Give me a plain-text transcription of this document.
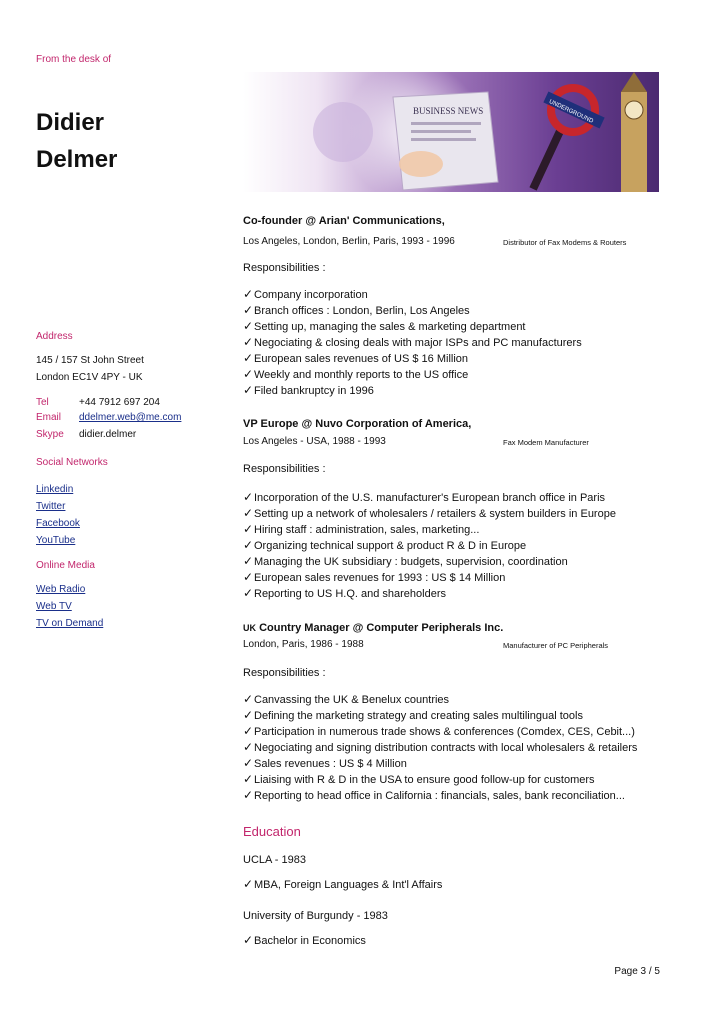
From the desk of
Didier
Delmer
BUSINESS NEWS	UNDERGROUND
Address
145 / 157 St John Street
London EC1V 4PY - UK
Tel	+44 7912 697 204
Email ddelmer.web@me.com
Skype didier.delmer
Social Networks
Linkedin
Twitter
Facebook
YouTube
Online Media
Web Radio
Web TV
TV on Demand
Co-founder @ Arian' Communications,
Los Angeles, London, Berlin, Paris, 1993 - 1996	Distributor of Fax Modems & Routers
Responsibilities :
✓Company incorporation
✓Branch offices : London, Berlin, Los Angeles
✓Setting up, managing the sales & marketing department
✓Negociating & closing deals with major ISPs and PC manufacturers
✓European sales revenues of US $ 16 Million
✓Weekly and monthly reports to the US office
✓Filed bankruptcy in 1996
VP Europe @ Nuvo Corporation of America,
Los Angeles - USA, 1988 - 1993	Fax Modem Manufacturer
Responsibilities :
✓Incorporation of the U.S. manufacturer's European branch office in Paris
✓Setting up a network of wholesalers / retailers & system builders in Europe
✓Hiring staff : administration, sales, marketing...
✓Organizing technical support & product R & D in Europe
✓Managing the UK subsidiary : budgets, supervision, coordination
✓European sales revenues for 1993 : US $ 14 Million
✓Reporting to US H.Q. and shareholders
UK Country Manager @ Computer Peripherals Inc.
London, Paris, 1986 - 1988	Manufacturer of PC Peripherals
Responsibilities :
✓Canvassing the UK & Benelux countries
✓Defining the marketing strategy and creating sales multilingual tools
✓Participation in numerous trade shows & conferences (Comdex, CES, Cebit...)
✓Negociating and signing distribution contracts with local wholesalers & retailers
✓Sales revenues : US $ 4 Million
✓Liaising with R & D in the USA to ensure good follow-up for customers
✓Reporting to head office in California : financials, sales, bank reconciliation...
Education
UCLA - 1983
✓MBA, Foreign Languages & Int'l Affairs
University of Burgundy - 1983
✓Bachelor in Economics
Page 3 / 5
